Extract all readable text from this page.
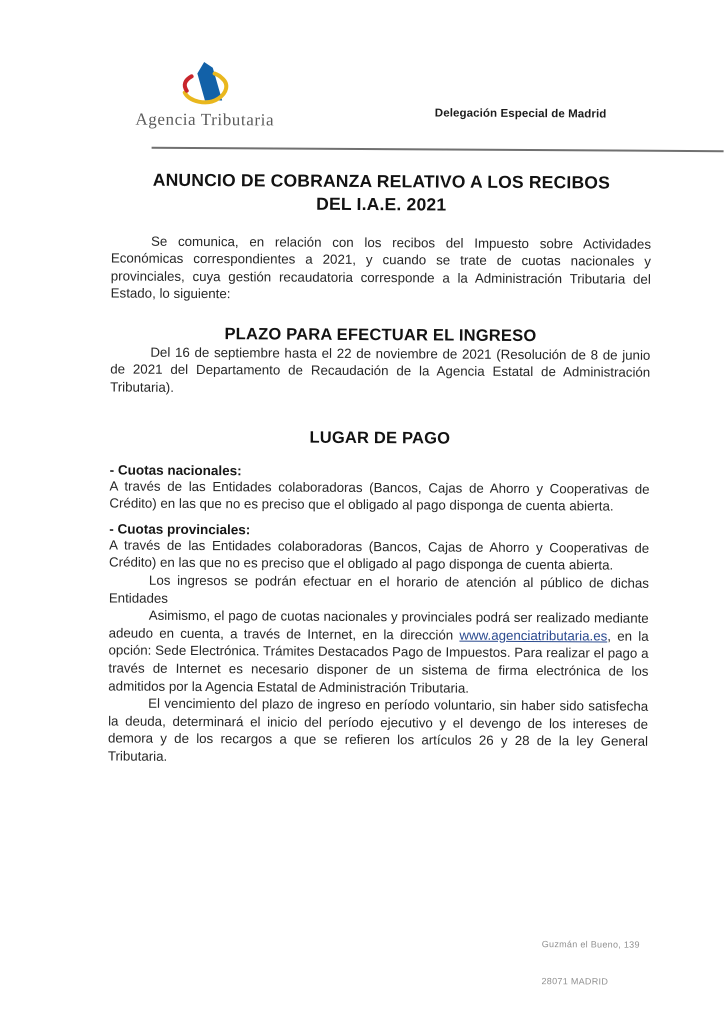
Agencia Tributaria	Delegación Especial de Madrid
ANUNCIO DE COBRANZA RELATIVO A LOS RECIBOS
DEL I.A.E. 2021

Se comunica, en relación con los recibos del Impuesto sobre Actividades Económicas correspondientes a 2021, y cuando se trate de cuotas nacionales y provinciales, cuya gestión recaudatoria corresponde a la Administración Tributaria del Estado, lo siguiente:

PLAZO PARA EFECTUAR EL INGRESO

Del 16 de septiembre hasta el 22 de noviembre de 2021 (Resolución de 8 de junio de 2021 del Departamento de Recaudación de la Agencia Estatal de Administración Tributaria).

LUGAR DE PAGO

- Cuotas nacionales:

A través de las Entidades colaboradoras (Bancos, Cajas de Ahorro y Cooperativas de Crédito) en las que no es preciso que el obligado al pago disponga de cuenta abierta.

- Cuotas provinciales:

A través de las Entidades colaboradoras (Bancos, Cajas de Ahorro y Cooperativas de Crédito) en las que no es preciso que el obligado al pago disponga de cuenta abierta.

Los ingresos se podrán efectuar en el horario de atención al público de dichas Entidades

Asimismo, el pago de cuotas nacionales y provinciales podrá ser realizado mediante adeudo en cuenta, a través de Internet, en la dirección www.agenciatributaria.es, en la opción: Sede Electrónica. Trámites Destacados Pago de Impuestos. Para realizar el pago a través de Internet es necesario disponer de un sistema de firma electrónica de los admitidos por la Agencia Estatal de Administración Tributaria.

El vencimiento del plazo de ingreso en período voluntario, sin haber sido satisfecha la deuda, determinará el inicio del período ejecutivo y el devengo de los intereses de demora y de los recargos a que se refieren los artículos 26 y 28 de la ley General Tributaria.

Guzmán el Bueno, 139
28071 MADRID
